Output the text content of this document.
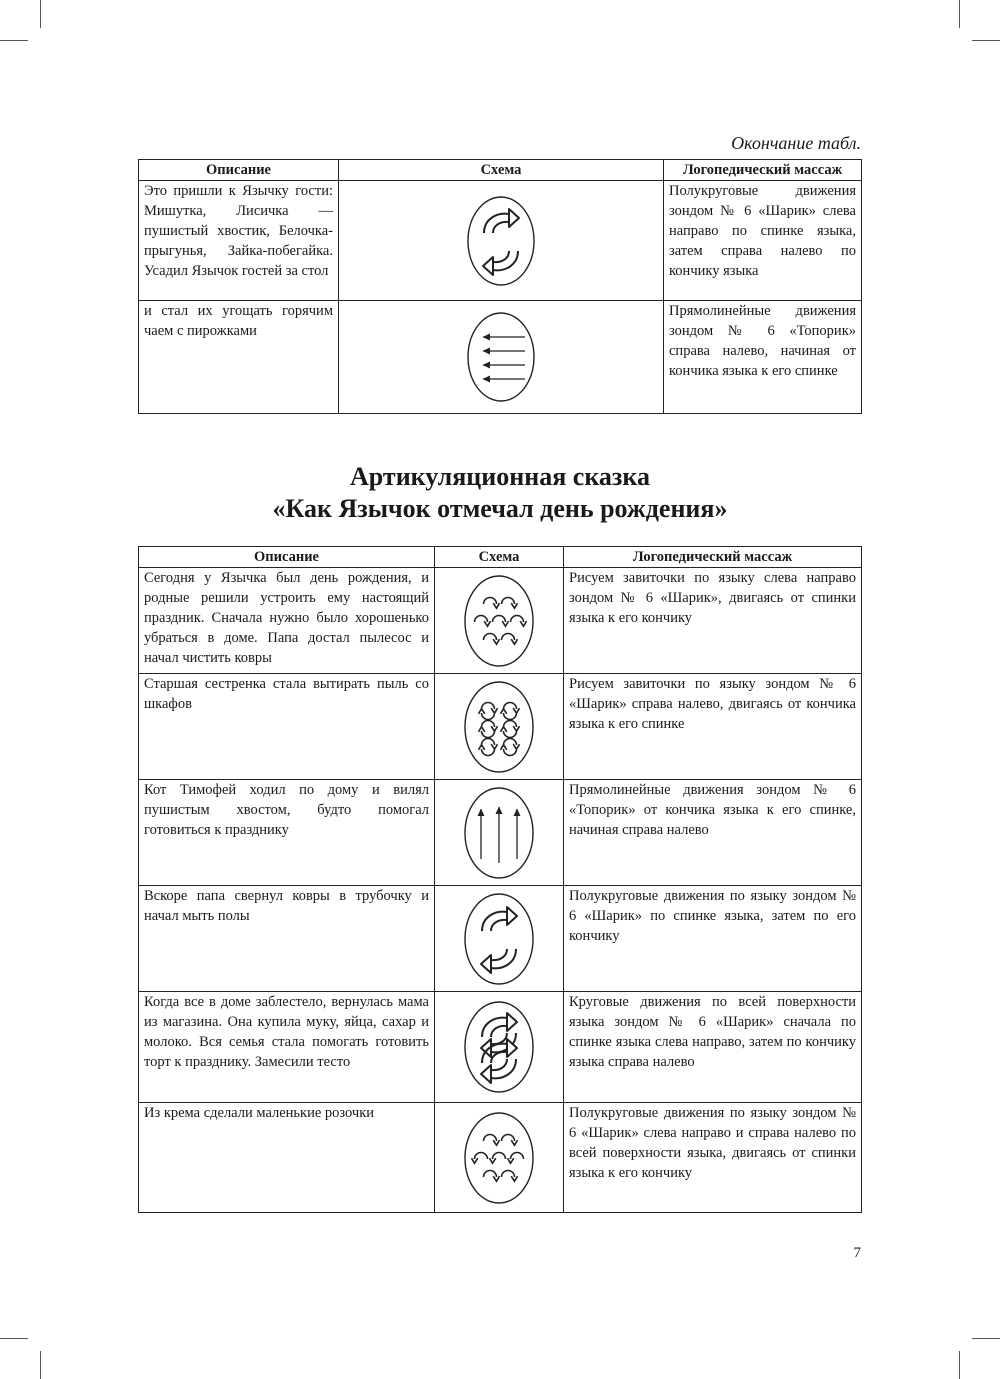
Окончание табл.
Описание	Схема	Логопедический массаж
Это пришли к Язычку гости: Мишутка, Лисичка — пушистый хвостик, Белочка-прыгунья, Зайка-побегайка. Усадил Язычок гостей за стол		Полукруговые движения зондом № 6 «Шарик» слева направо по спинке языка, затем справа налево по кончику языка
и стал их угощать горячим чаем с пирожками		Прямолинейные движения зондом № 6 «Топорик» справа налево, начиная от кончика языка к его спинке
Артикуляционная сказка
«Как Язычок отмечал день рождения»
Описание	Схема	Логопедический массаж
Сегодня у Язычка был день рождения, и родные решили устроить ему настоящий праздник. Сначала нужно было хорошенько убраться в доме. Папа достал пылесос и начал чистить ковры		Рисуем завиточки по языку слева направо зондом № 6 «Шарик», двигаясь от спинки языка к его кончику
Старшая сестренка стала вытирать пыль со шкафов		Рисуем завиточки по языку зондом № 6 «Шарик» справа налево, двигаясь от кончика языка к его спинке
Кот Тимофей ходил по дому и вилял пушистым хвостом, будто помогал готовиться к празднику		Прямолинейные движения зондом № 6 «Топорик» от кончика языка к его спинке, начиная справа налево
Вскоре папа свернул ковры в трубочку и начал мыть полы		Полукруговые движения по языку зондом № 6 «Шарик» по спинке языка, затем по его кончику
Когда все в доме заблестело, вернулась мама из магазина. Она купила муку, яйца, сахар и молоко. Вся семья стала помогать готовить торт к празднику. Замесили тесто		Круговые движения по всей поверхности языка зондом № 6 «Шарик» сначала по спинке языка слева направо, затем по кончику языка справа налево
Из крема сделали маленькие розочки		Полукруговые движения по языку зондом № 6 «Шарик» слева направо и справа налево по всей поверхности языка, двигаясь от спинки языка к его кончику
7
